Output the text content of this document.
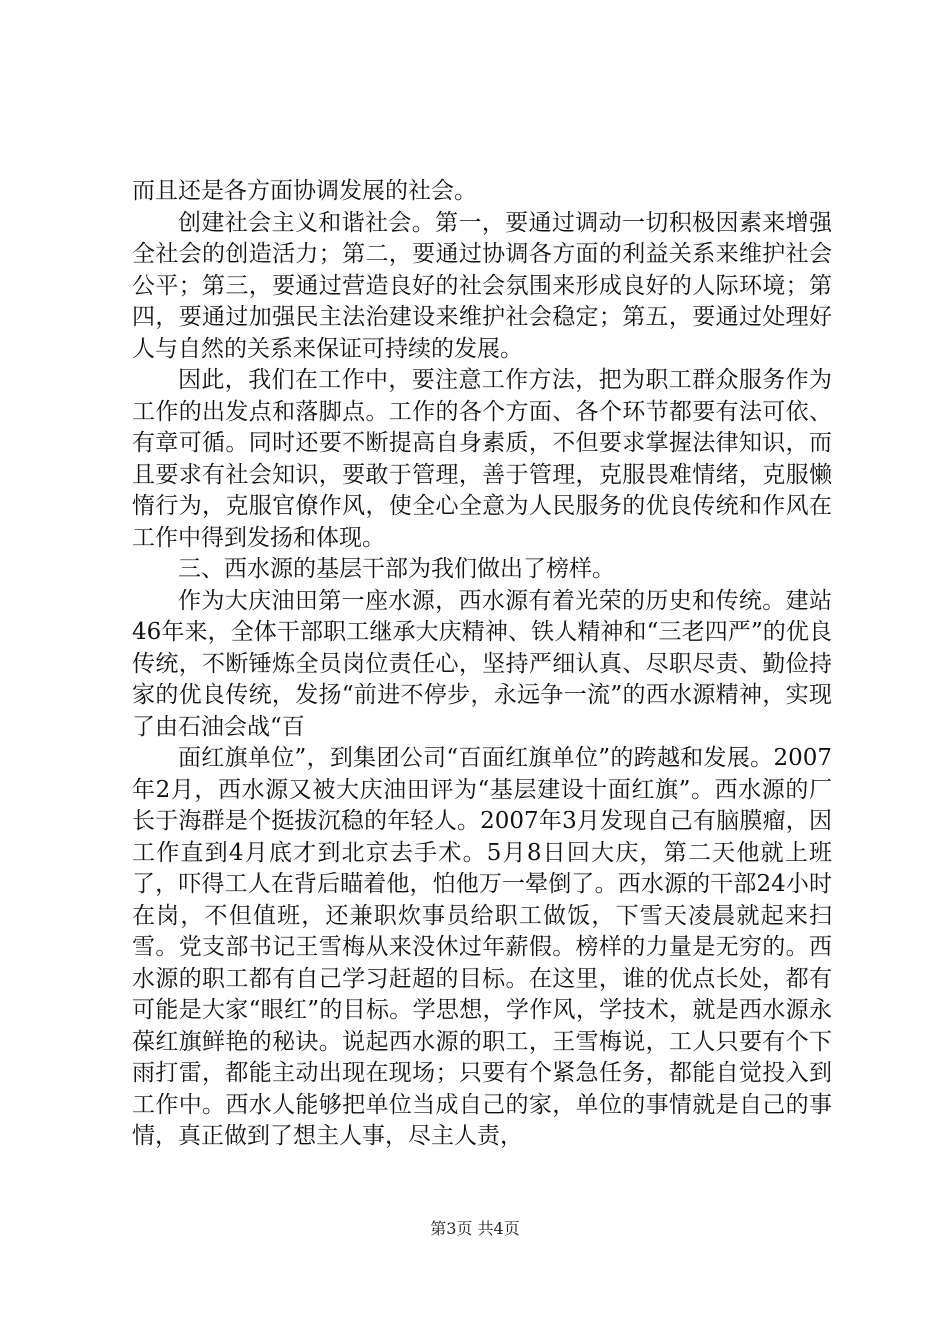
而且还是各方面协调发展的社会。

创建社会主义和谐社会。第一，要通过调动一切积极因素来增强全社会的创造活力；第二，要通过协调各方面的利益关系来维护社会公平；第三，要通过营造良好的社会氛围来形成良好的人际环境；第四，要通过加强民主法治建设来维护社会稳定；第五，要通过处理好人与自然的关系来保证可持续的发展。

因此，我们在工作中，要注意工作方法，把为职工群众服务作为工作的出发点和落脚点。工作的各个方面、各个环节都要有法可依、有章可循。同时还要不断提高自身素质，不但要求掌握法律知识，而且要求有社会知识，要敢于管理，善于管理，克服畏难情绪，克服懒惰行为，克服官僚作风，使全心全意为人民服务的优良传统和作风在工作中得到发扬和体现。

三、西水源的基层干部为我们做出了榜样。

作为大庆油田第一座水源，西水源有着光荣的历史和传统。建站46年来，全体干部职工继承大庆精神、铁人精神和“三老四严”的优良传统，不断锤炼全员岗位责任心，坚持严细认真、尽职尽责、勤俭持家的优良传统，发扬“前进不停步，永远争一流”的西水源精神，实现了由石油会战“百

面红旗单位”，到集团公司“百面红旗单位”的跨越和发展。2007年2月，西水源又被大庆油田评为“基层建设十面红旗”。西水源的厂长于海群是个挺拔沉稳的年轻人。2007年3月发现自己有脑膜瘤，因工作直到4月底才到北京去手术。5月8日回大庆，第二天他就上班了，吓得工人在背后瞄着他，怕他万一晕倒了。西水源的干部24小时在岗，不但值班，还兼职炊事员给职工做饭，下雪天凌晨就起来扫雪。党支部书记王雪梅从来没休过年薪假。榜样的力量是无穷的。西水源的职工都有自己学习赶超的目标。在这里，谁的优点长处，都有可能是大家“眼红”的目标。学思想，学作风，学技术，就是西水源永葆红旗鲜艳的秘诀。说起西水源的职工，王雪梅说，工人只要有个下雨打雷，都能主动出现在现场；只要有个紧急任务，都能自觉投入到工作中。西水人能够把单位当成自己的家，单位的事情就是自己的事情，真正做到了想主人事，尽主人责，

第3页 共4页
